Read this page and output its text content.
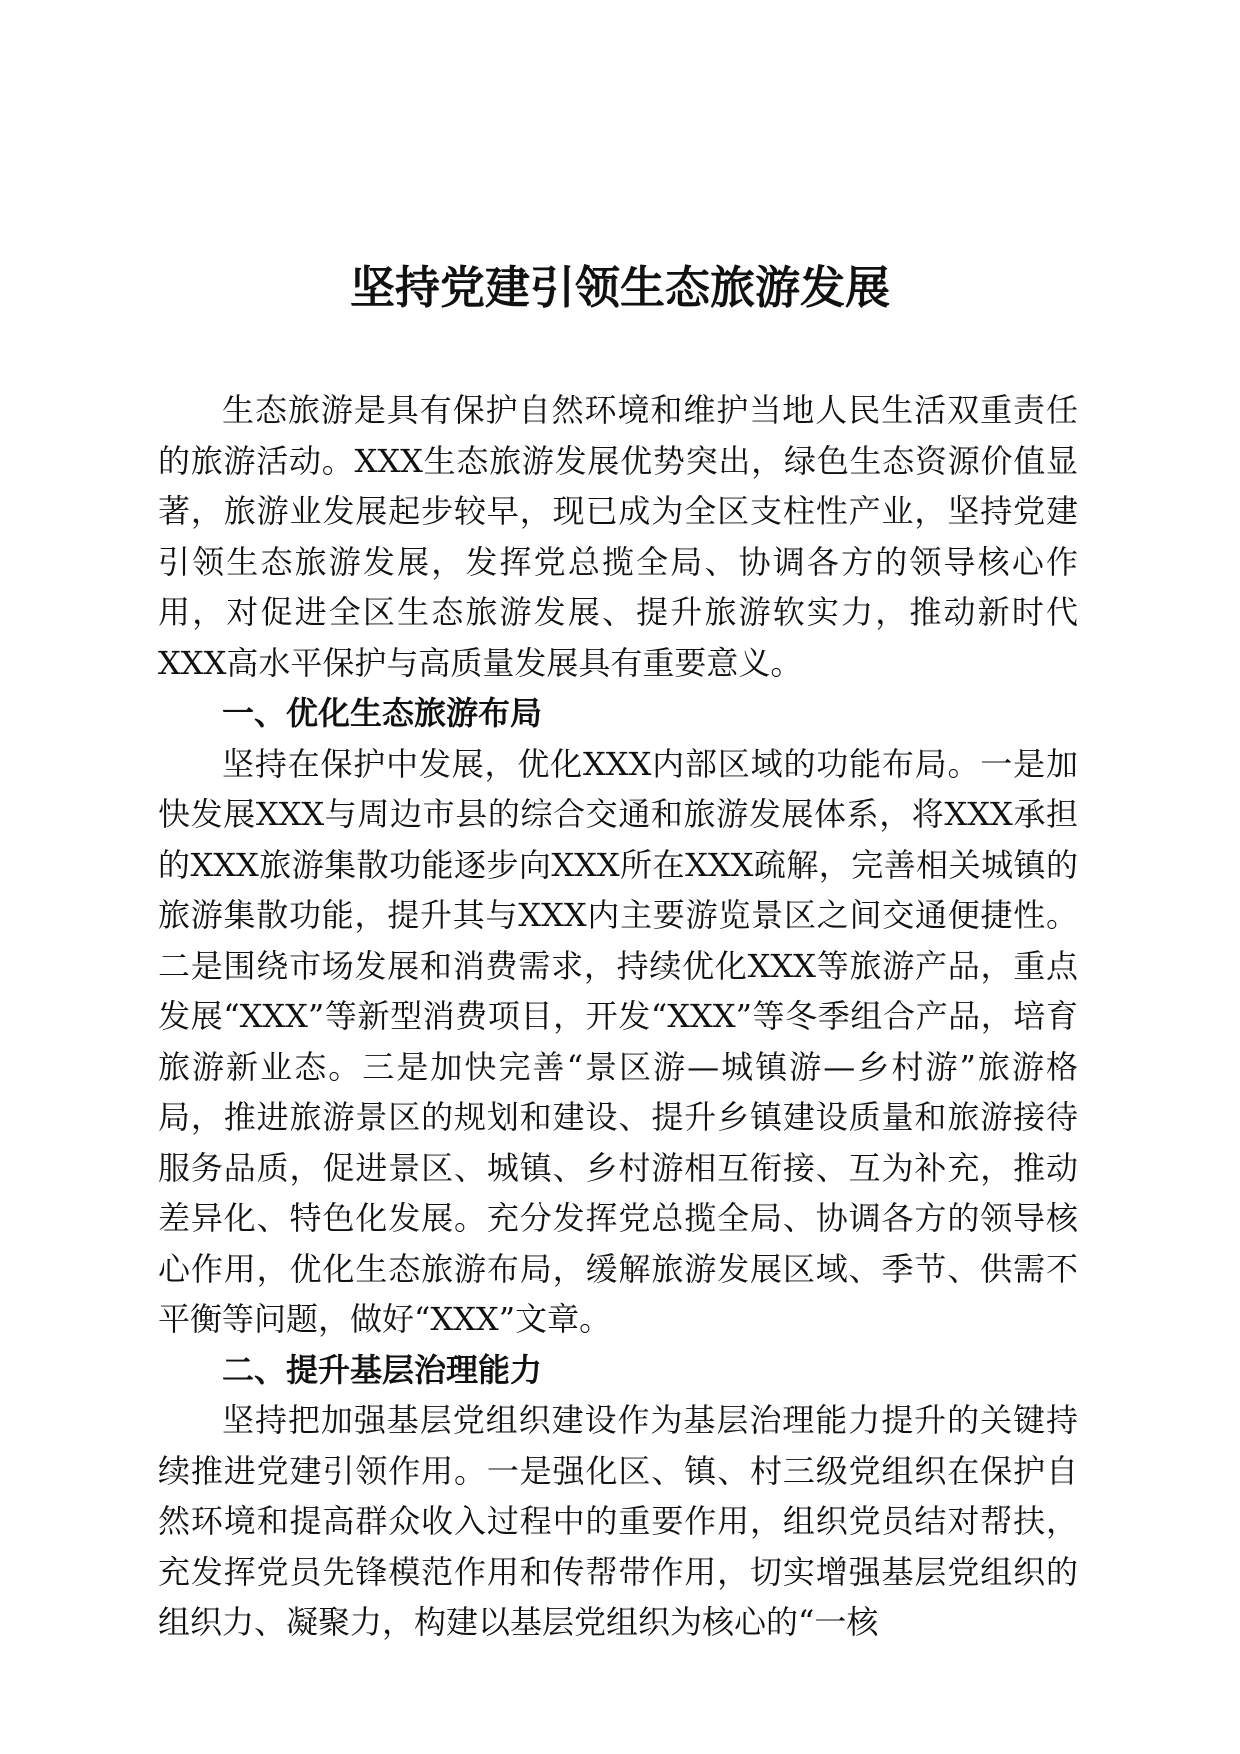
坚持党建引领生态旅游发展

生态旅游是具有保护自然环境和维护当地人民生活双重责任的旅游活动。XXX生态旅游发展优势突出，绿色生态资源价值显著，旅游业发展起步较早，现已成为全区支柱性产业，坚持党建引领生态旅游发展，发挥党总揽全局、协调各方的领导核心作用，对促进全区生态旅游发展、提升旅游软实力，推动新时代XXX高水平保护与高质量发展具有重要意义。

一、优化生态旅游布局

坚持在保护中发展，优化XXX内部区域的功能布局。一是加快发展XXX与周边市县的综合交通和旅游发展体系，将XXX承担的XXX旅游集散功能逐步向XXX所在XXX疏解，完善相关城镇的旅游集散功能，提升其与XXX内主要游览景区之间交通便捷性。二是围绕市场发展和消费需求，持续优化XXX等旅游产品，重点发展“XXX”等新型消费项目，开发“XXX”等冬季组合产品，培育旅游新业态。三是加快完善“景区游—城镇游—乡村游”旅游格局，推进旅游景区的规划和建设、提升乡镇建设质量和旅游接待服务品质，促进景区、城镇、乡村游相互衔接、互为补充，推动差异化、特色化发展。充分发挥党总揽全局、协调各方的领导核心作用，优化生态旅游布局，缓解旅游发展区域、季节、供需不平衡等问题，做好“XXX”文章。

二、提升基层治理能力

坚持把加强基层党组织建设作为基层治理能力提升的关键持续推进党建引领作用。一是强化区、镇、村三级党组织在保护自然环境和提高群众收入过程中的重要作用，组织党员结对帮扶，充发挥党员先锋模范作用和传帮带作用，切实增强基层党组织的组织力、凝聚力，构建以基层党组织为核心的“一核
